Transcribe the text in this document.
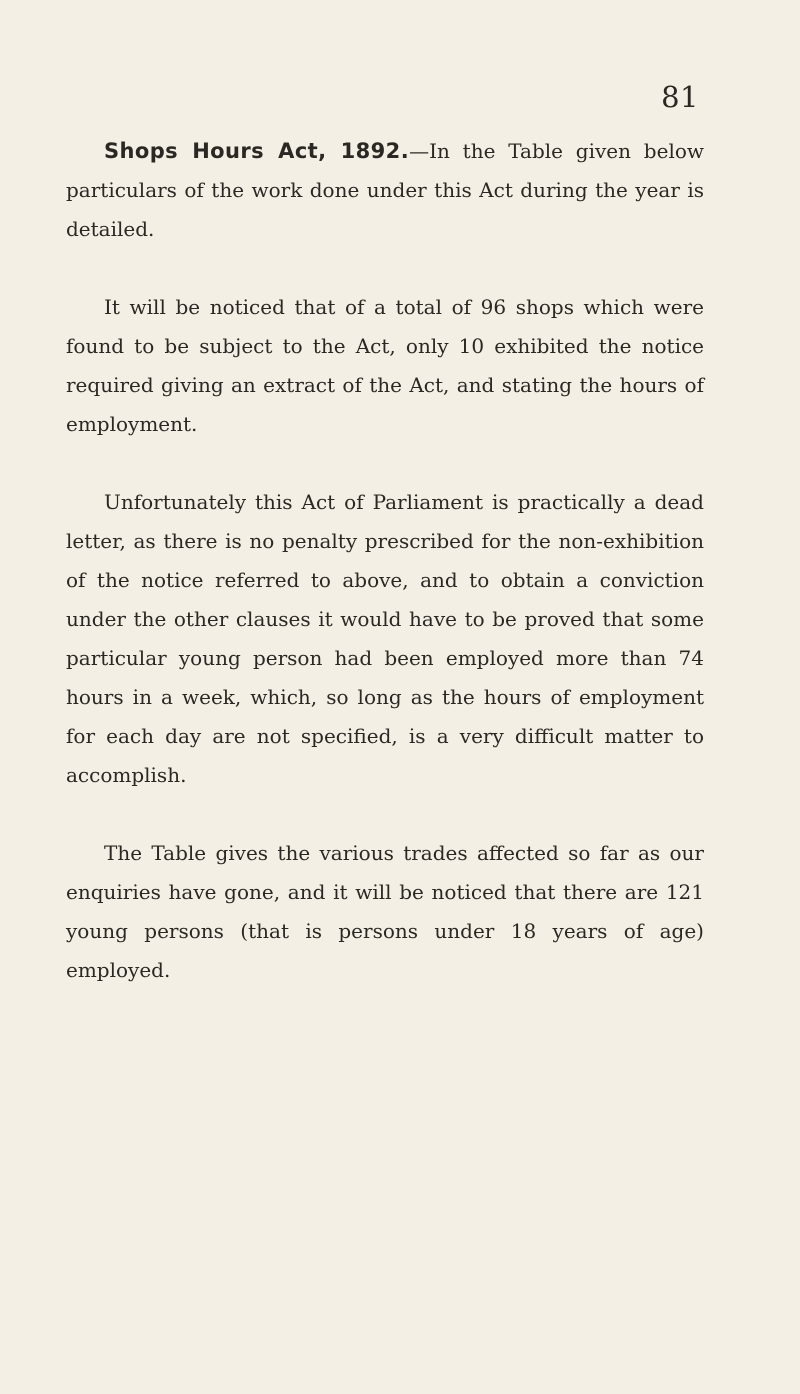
81

Shops Hours Act, 1892.—In the Table given below particulars of the work done under this Act during the year is detailed.

It will be noticed that of a total of 96 shops which were found to be subject to the Act, only 10 exhibited the notice required giving an extract of the Act, and stating the hours of employment.

Unfortunately this Act of Parliament is practically a dead letter, as there is no penalty prescribed for the non-exhibition of the notice referred to above, and to obtain a conviction under the other clauses it would have to be proved that some particular young person had been employed more than 74 hours in a week, which, so long as the hours of employment for each day are not specified, is a very difficult matter to accomplish.

The Table gives the various trades affected so far as our enquiries have gone, and it will be noticed that there are 121 young persons (that is persons under 18 years of age) employed.
